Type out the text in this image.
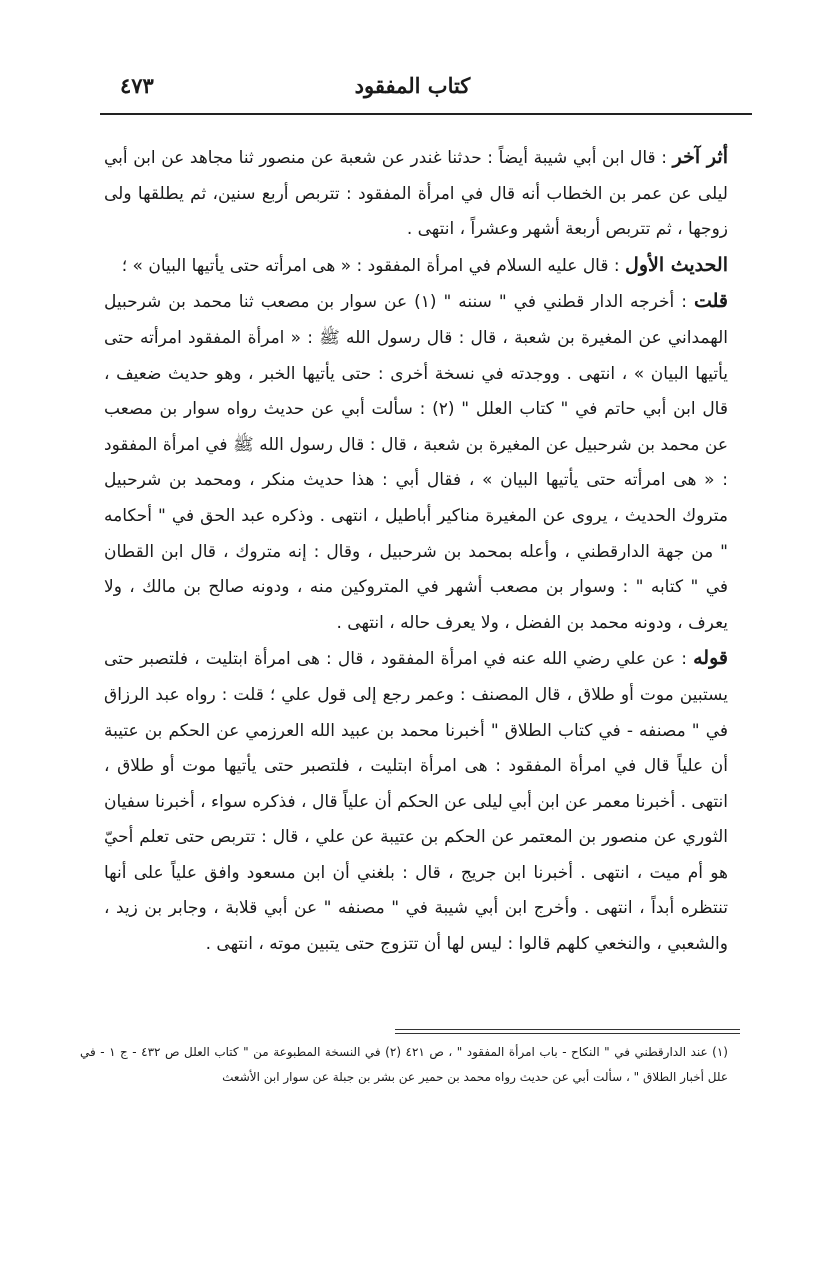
كتاب المفقود
٤٧٣

أثر آخر : قال ابن أبي شيبة أيضاً : حدثنا غندر عن شعبة عن منصور ثنا مجاهد عن ابن أبي ليلى عن عمر بن الخطاب أنه قال في امرأة المفقود : تتربص أربع سنين، ثم يطلقها ولى زوجها ، ثم تتربص أربعة أشهر وعشراً ، انتهى .

الحديث الأول : قال عليه السلام في امرأة المفقود : « هى امرأته حتى يأتيها البيان » ؛

قلت : أخرجه الدار قطني في " سننه " (١) عن سوار بن مصعب ثنا محمد بن شرحبيل الهمداني عن المغيرة بن شعبة ، قال : قال رسول الله ﷺ : « امرأة المفقود امرأته حتى يأتيها البيان » ، انتهى . ووجدته في نسخة أخرى : حتى يأتيها الخبر ، وهو حديث ضعيف ، قال ابن أبي حاتم في " كتاب العلل " (٢) : سألت أبي عن حديث رواه سوار بن مصعب عن محمد بن شرحبيل عن المغيرة بن شعبة ، قال : قال رسول الله ﷺ في امرأة المفقود : « هى امرأته حتى يأتيها البيان » ، فقال أبي : هذا حديث منكر ، ومحمد بن شرحبيل متروك الحديث ، يروى عن المغيرة مناكير أباطيل ، انتهى . وذكره عبد الحق في " أحكامه " من جهة الدارقطني ، وأعله بمحمد بن شرحبيل ، وقال : إنه متروك ، قال ابن القطان في " كتابه " : وسوار بن مصعب أشهر في المتروكين منه ، ودونه صالح بن مالك ، ولا يعرف ، ودونه محمد بن الفضل ، ولا يعرف حاله ، انتهى .

قوله : عن علي رضي الله عنه في امرأة المفقود ، قال : هى امرأة ابتليت ، فلتصبر حتى يستبين موت أو طلاق ، قال المصنف : وعمر رجع إلى قول علي ؛ قلت : رواه عبد الرزاق في " مصنفه - في كتاب الطلاق " أخبرنا محمد بن عبيد الله العرزمي عن الحكم بن عتيبة أن علياً قال في امرأة المفقود : هى امرأة ابتليت ، فلتصبر حتى يأتيها موت أو طلاق ، انتهى . أخبرنا معمر عن ابن أبي ليلى عن الحكم أن علياً قال ، فذكره سواء ، أخبرنا سفيان الثوري عن منصور بن المعتمر عن الحكم بن عتيبة عن علي ، قال : تتربص حتى تعلم أحيّ هو أم ميت ، انتهى . أخبرنا ابن جريج ، قال : بلغني أن ابن مسعود وافق علياً على أنها تنتظره أبداً ، انتهى . وأخرج ابن أبي شيبة في " مصنفه " عن أبي قلابة ، وجابر بن زيد ، والشعبي ، والنخعي كلهم قالوا : ليس لها أن تتزوج حتى يتبين موته ، انتهى .

(١) عند الدارقطني في " النكاح - باب امرأة المفقود " ، ص ٤٢١ (٢) في النسخة المطبوعة من " كتاب العلل ص ٤٣٢ - ج ١ - في علل أخبار الطلاق " ، سألت أبي عن حديث رواه محمد بن حمير عن بشر بن جبلة عن سوار ابن الأشعث
